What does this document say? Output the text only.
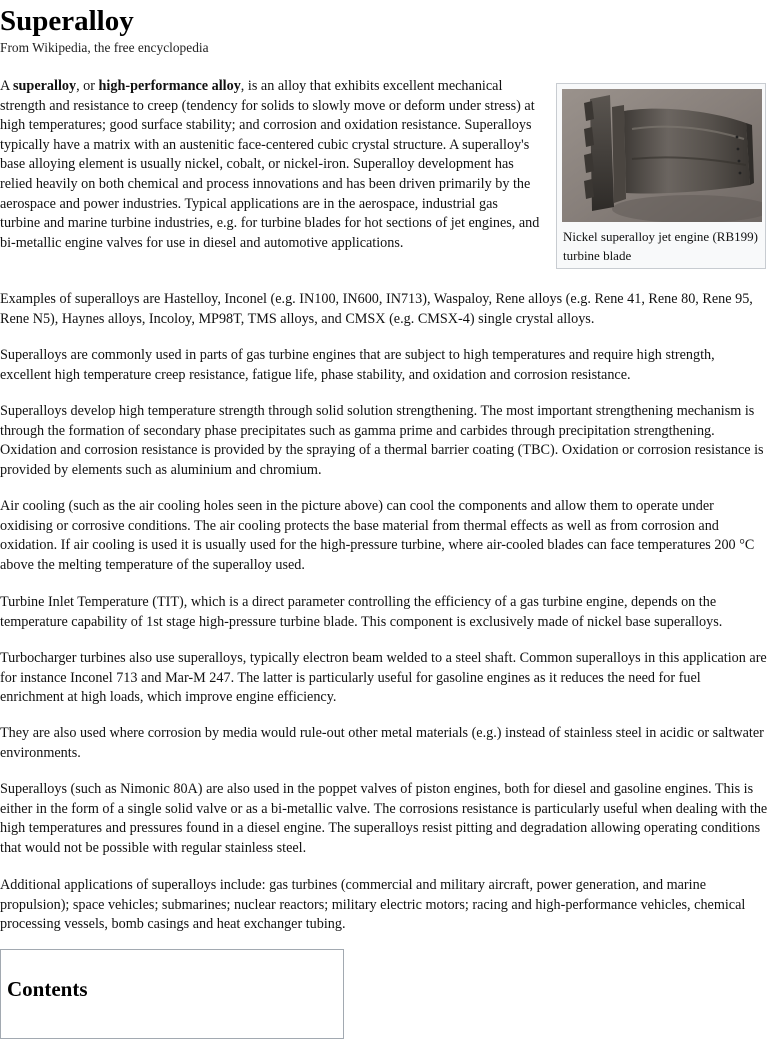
Superalloy
From Wikipedia, the free encyclopedia

A superalloy, or high-performance alloy, is an alloy that exhibits excellent mechanical strength and resistance to creep (tendency for solids to slowly move or deform under stress) at high temperatures; good surface stability; and corrosion and oxidation resistance. Superalloys typically have a matrix with an austenitic face-centered cubic crystal structure. A superalloy's base alloying element is usually nickel, cobalt, or nickel-iron. Superalloy development has relied heavily on both chemical and process innovations and has been driven primarily by the aerospace and power industries. Typical applications are in the aerospace, industrial gas turbine and marine turbine industries, e.g. for turbine blades for hot sections of jet engines, and bi-metallic engine valves for use in diesel and automotive applications.	Nickel superalloy jet engine (RB199) turbine blade

Examples of superalloys are Hastelloy, Inconel (e.g. IN100, IN600, IN713), Waspaloy, Rene alloys (e.g. Rene 41, Rene 80, Rene 95, Rene N5), Haynes alloys, Incoloy, MP98T, TMS alloys, and CMSX (e.g. CMSX-4) single crystal alloys.

Superalloys are commonly used in parts of gas turbine engines that are subject to high temperatures and require high strength, excellent high temperature creep resistance, fatigue life, phase stability, and oxidation and corrosion resistance.

Superalloys develop high temperature strength through solid solution strengthening. The most important strengthening mechanism is through the formation of secondary phase precipitates such as gamma prime and carbides through precipitation strengthening. Oxidation and corrosion resistance is provided by the spraying of a thermal barrier coating (TBC). Oxidation or corrosion resistance is provided by elements such as aluminium and chromium.

Air cooling (such as the air cooling holes seen in the picture above) can cool the components and allow them to operate under oxidising or corrosive conditions. The air cooling protects the base material from thermal effects as well as from corrosion and oxidation. If air cooling is used it is usually used for the high-pressure turbine, where air-cooled blades can face temperatures 200 °C above the melting temperature of the superalloy used.

Turbine Inlet Temperature (TIT), which is a direct parameter controlling the efficiency of a gas turbine engine, depends on the temperature capability of 1st stage high-pressure turbine blade. This component is exclusively made of nickel base superalloys.

Turbocharger turbines also use superalloys, typically electron beam welded to a steel shaft. Common superalloys in this application are for instance Inconel 713 and Mar-M 247. The latter is particularly useful for gasoline engines as it reduces the need for fuel enrichment at high loads, which improve engine efficiency.

They are also used where corrosion by media would rule-out other metal materials (e.g.) instead of stainless steel in acidic or saltwater environments.

Superalloys (such as Nimonic 80A) are also used in the poppet valves of piston engines, both for diesel and gasoline engines. This is either in the form of a single solid valve or as a bi-metallic valve. The corrosions resistance is particularly useful when dealing with the high temperatures and pressures found in a diesel engine. The superalloys resist pitting and degradation allowing operating conditions that would not be possible with regular stainless steel.

Additional applications of superalloys include: gas turbines (commercial and military aircraft, power generation, and marine propulsion); space vehicles; submarines; nuclear reactors; military electric motors; racing and high-performance vehicles, chemical processing vessels, bomb casings and heat exchanger tubing.

Contents
